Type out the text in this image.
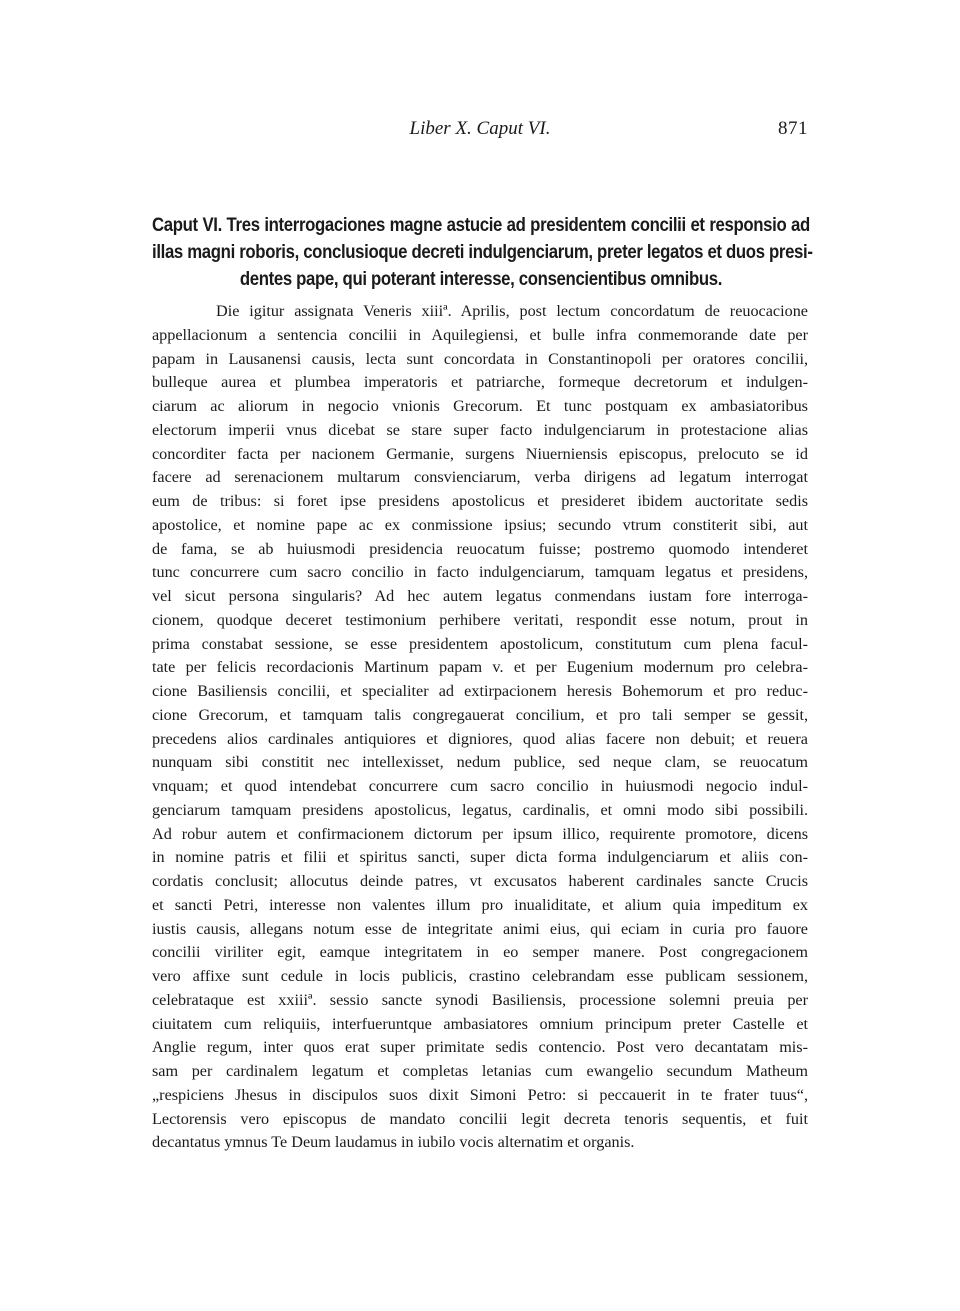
Liber X. Caput VI.	871
Caput VI. Tres interrogaciones magne astucie ad presidentem concilii et responsio ad
illas magni roboris, conclusioque decreti indulgenciarum, preter legatos et duos presi-
dentes pape, qui poterant interesse, consencientibus omnibus.
Die igitur assignata Veneris xiiiª. Aprilis, post lectum concordatum de reuocacione
appellacionum a sentencia concilii in Aquilegiensi, et bulle infra conmemorande date per
papam in Lausanensi causis, lecta sunt concordata in Constantinopoli per oratores concilii,
bulleque aurea et plumbea imperatoris et patriarche, formeque decretorum et indulgen-
ciarum ac aliorum in negocio vnionis Grecorum. Et tunc postquam ex ambasiatoribus
electorum imperii vnus dicebat se stare super facto indulgenciarum in protestacione alias
concorditer facta per nacionem Germanie, surgens Niuerniensis episcopus, prelocuto se id
facere ad serenacionem multarum consvienciarum, verba dirigens ad legatum interrogat
eum de tribus: si foret ipse presidens apostolicus et presideret ibidem auctoritate sedis
apostolice, et nomine pape ac ex conmissione ipsius; secundo vtrum constiterit sibi, aut
de fama, se ab huiusmodi presidencia reuocatum fuisse; postremo quomodo intenderet
tunc concurrere cum sacro concilio in facto indulgenciarum, tamquam legatus et presidens,
vel sicut persona singularis? Ad hec autem legatus conmendans iustam fore interroga-
cionem, quodque deceret testimonium perhibere veritati, respondit esse notum, prout in
prima constabat sessione, se esse presidentem apostolicum, constitutum cum plena facul-
tate per felicis recordacionis Martinum papam v. et per Eugenium modernum pro celebra-
cione Basiliensis concilii, et specialiter ad extirpacionem heresis Bohemorum et pro reduc-
cione Grecorum, et tamquam talis congregauerat concilium, et pro tali semper se gessit,
precedens alios cardinales antiquiores et digniores, quod alias facere non debuit; et reuera
nunquam sibi constitit nec intellexisset, nedum publice, sed neque clam, se reuocatum
vnquam; et quod intendebat concurrere cum sacro concilio in huiusmodi negocio indul-
genciarum tamquam presidens apostolicus, legatus, cardinalis, et omni modo sibi possibili.
Ad robur autem et confirmacionem dictorum per ipsum illico, requirente promotore, dicens
in nomine patris et filii et spiritus sancti, super dicta forma indulgenciarum et aliis con-
cordatis conclusit; allocutus deinde patres, vt excusatos haberent cardinales sancte Crucis
et sancti Petri, interesse non valentes illum pro inualiditate, et alium quia impeditum ex
iustis causis, allegans notum esse de integritate animi eius, qui eciam in curia pro fauore
concilii viriliter egit, eamque integritatem in eo semper manere. Post congregacionem
vero affixe sunt cedule in locis publicis, crastino celebrandam esse publicam sessionem,
celebrataque est xxiiiª. sessio sancte synodi Basiliensis, processione solemni preuia per
ciuitatem cum reliquiis, interfueruntque ambasiatores omnium principum preter Castelle et
Anglie regum, inter quos erat super primitate sedis contencio. Post vero decantatam mis-
sam per cardinalem legatum et completas letanias cum ewangelio secundum Matheum
„respiciens Jhesus in discipulos suos dixit Simoni Petro: si peccauerit in te frater tuus“,
Lectorensis vero episcopus de mandato concilii legit decreta tenoris sequentis, et fuit
decantatus ymnus Te Deum laudamus in iubilo vocis alternatim et organis.
